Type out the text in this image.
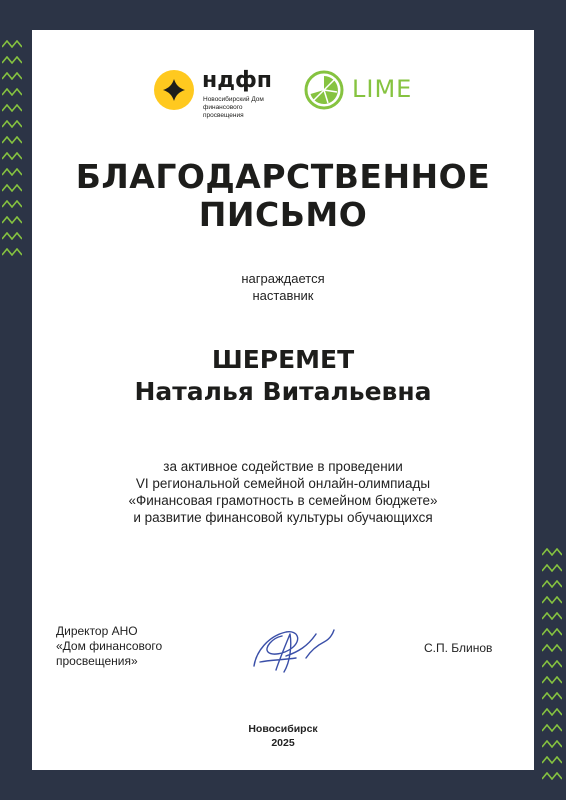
ндфп
Новосибирский Дом финансового просвещения
LIME
БЛАГОДАРСТВЕННОЕ
ПИСЬМО
награждается
наставник
ШЕРЕМЕТ
Наталья Витальевна
за активное содействие в проведении
VI региональной семейной онлайн-олимпиады
«Финансовая грамотность в семейном бюджете»
и развитие финансовой культуры обучающихся
Директор АНО
«Дом финансового
просвещения»
С.П. Блинов
Новосибирск
2025
